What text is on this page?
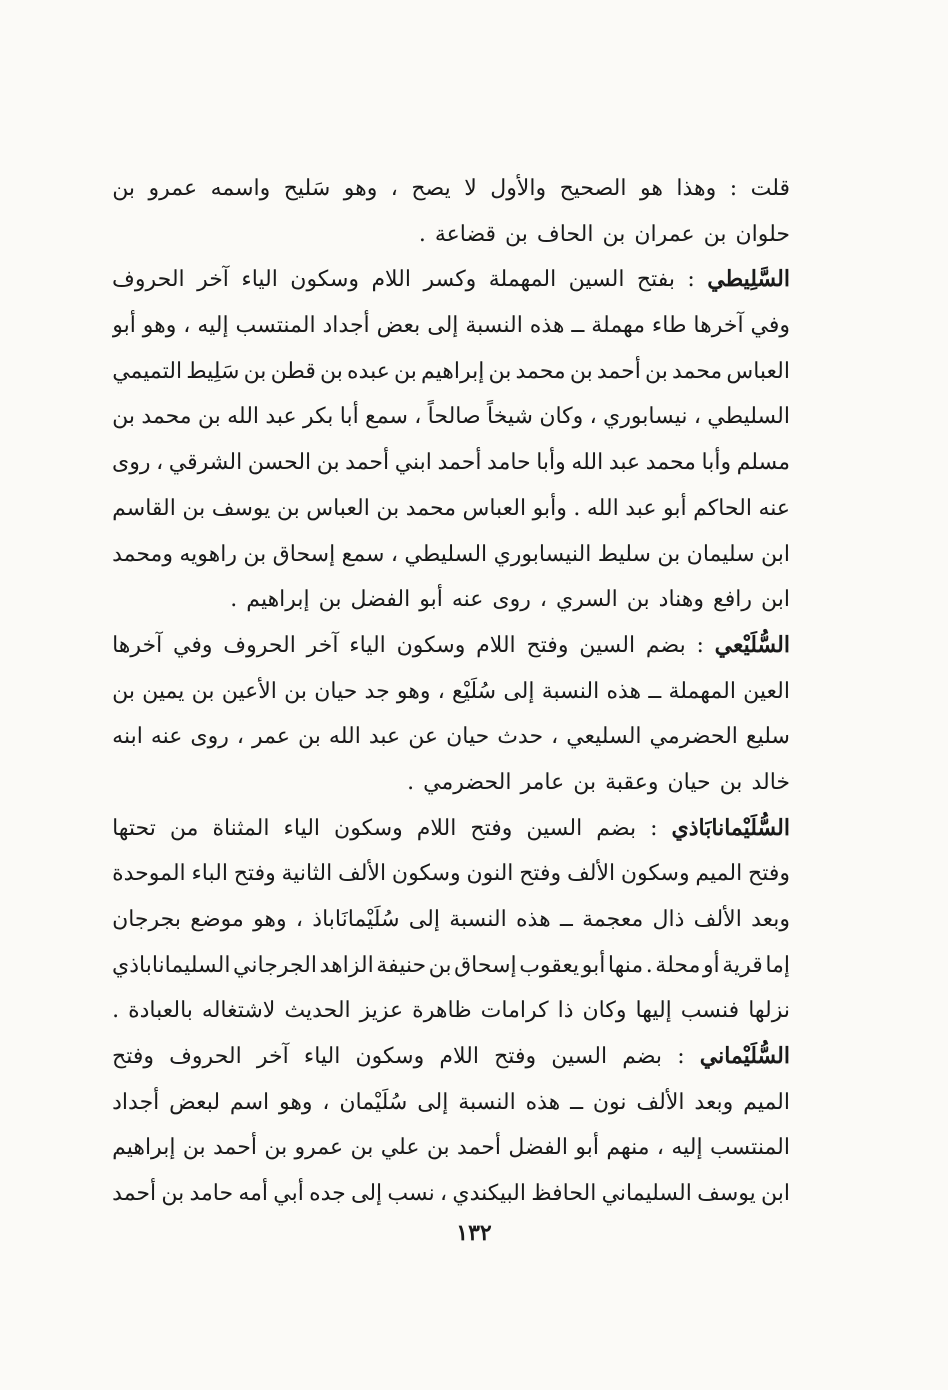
قلت
:
وهذا
هو
الصحيح
والأول
لا
يصح
،
وهو
سَليح
واسمه
عمرو
بن
حلوان
بن
عمران
بن
الحاف
بن
قضاعة
.
السَّلِيطي
:
بفتح
السين
المهملة
وكسر
اللام
وسكون
الياء
آخر
الحروف
وفي
آخرها
طاء
مهملة
ــ
هذه
النسبة
إلى
بعض
أجداد
المنتسب
إليه
،
وهو
أبو
العباس
محمد
بن
أحمد
بن
محمد
بن
إبراهيم
بن
عبده
بن
قطن
بن
سَلِيط
التميمي
السليطي
،
نيسابوري
،
وكان
شيخاً
صالحاً
،
سمع
أبا
بكر
عبد
الله
بن
محمد
بن
مسلم
وأبا
محمد
عبد
الله
وأبا
حامد
أحمد
ابني
أحمد
بن
الحسن
الشرقي
،
روى
عنه
الحاكم
أبو
عبد
الله
.
وأبو
العباس
محمد
بن
العباس
بن
يوسف
بن
القاسم
ابن
سليمان
بن
سليط
النيسابوري
السليطي
،
سمع
إسحاق
بن
راهويه
ومحمد
ابن
رافع
وهناد
بن
السري
،
روى
عنه
أبو
الفضل
بن
إبراهيم
.
السُّلَيْعي
:
بضم
السين
وفتح
اللام
وسكون
الياء
آخر
الحروف
وفي
آخرها
العين
المهملة
ــ
هذه
النسبة
إلى
سُلَيْع
،
وهو
جد
حيان
بن
الأعين
بن
يمين
بن
سليع
الحضرمي
السليعي
،
حدث
حيان
عن
عبد
الله
بن
عمر
،
روى
عنه
ابنه
خالد
بن
حيان
وعقبة
بن
عامر
الحضرمي
.
السُّلَيْمانابَاذي
:
بضم
السين
وفتح
اللام
وسكون
الياء
المثناة
من
تحتها
وفتح
الميم
وسكون
الألف
وفتح
النون
وسكون
الألف
الثانية
وفتح
الباء
الموحدة
وبعد
الألف
ذال
معجمة
ــ
هذه
النسبة
إلى
سُلَيْمانَاباذ
،
وهو
موضع
بجرجان
إما
قرية
أو
محلة
.
منها
أبو
يعقوب
إسحاق
بن
حنيفة
الزاهد
الجرجاني
السليماناباذي
نزلها
فنسب
إليها
وكان
ذا
كرامات
ظاهرة
عزيز
الحديث
لاشتغاله
بالعبادة
.
السُّلَيْماني
:
بضم
السين
وفتح
اللام
وسكون
الياء
آخر
الحروف
وفتح
الميم
وبعد
الألف
نون
ــ
هذه
النسبة
إلى
سُلَيْمان
،
وهو
اسم
لبعض
أجداد
المنتسب
إليه
،
منهم
أبو
الفضل
أحمد
بن
علي
بن
عمرو
بن
أحمد
بن
إبراهيم
ابن
يوسف
السليماني
الحافظ
البيكندي
،
نسب
إلى
جده
أبي
أمه
حامد
بن
أحمد
١٣٢
